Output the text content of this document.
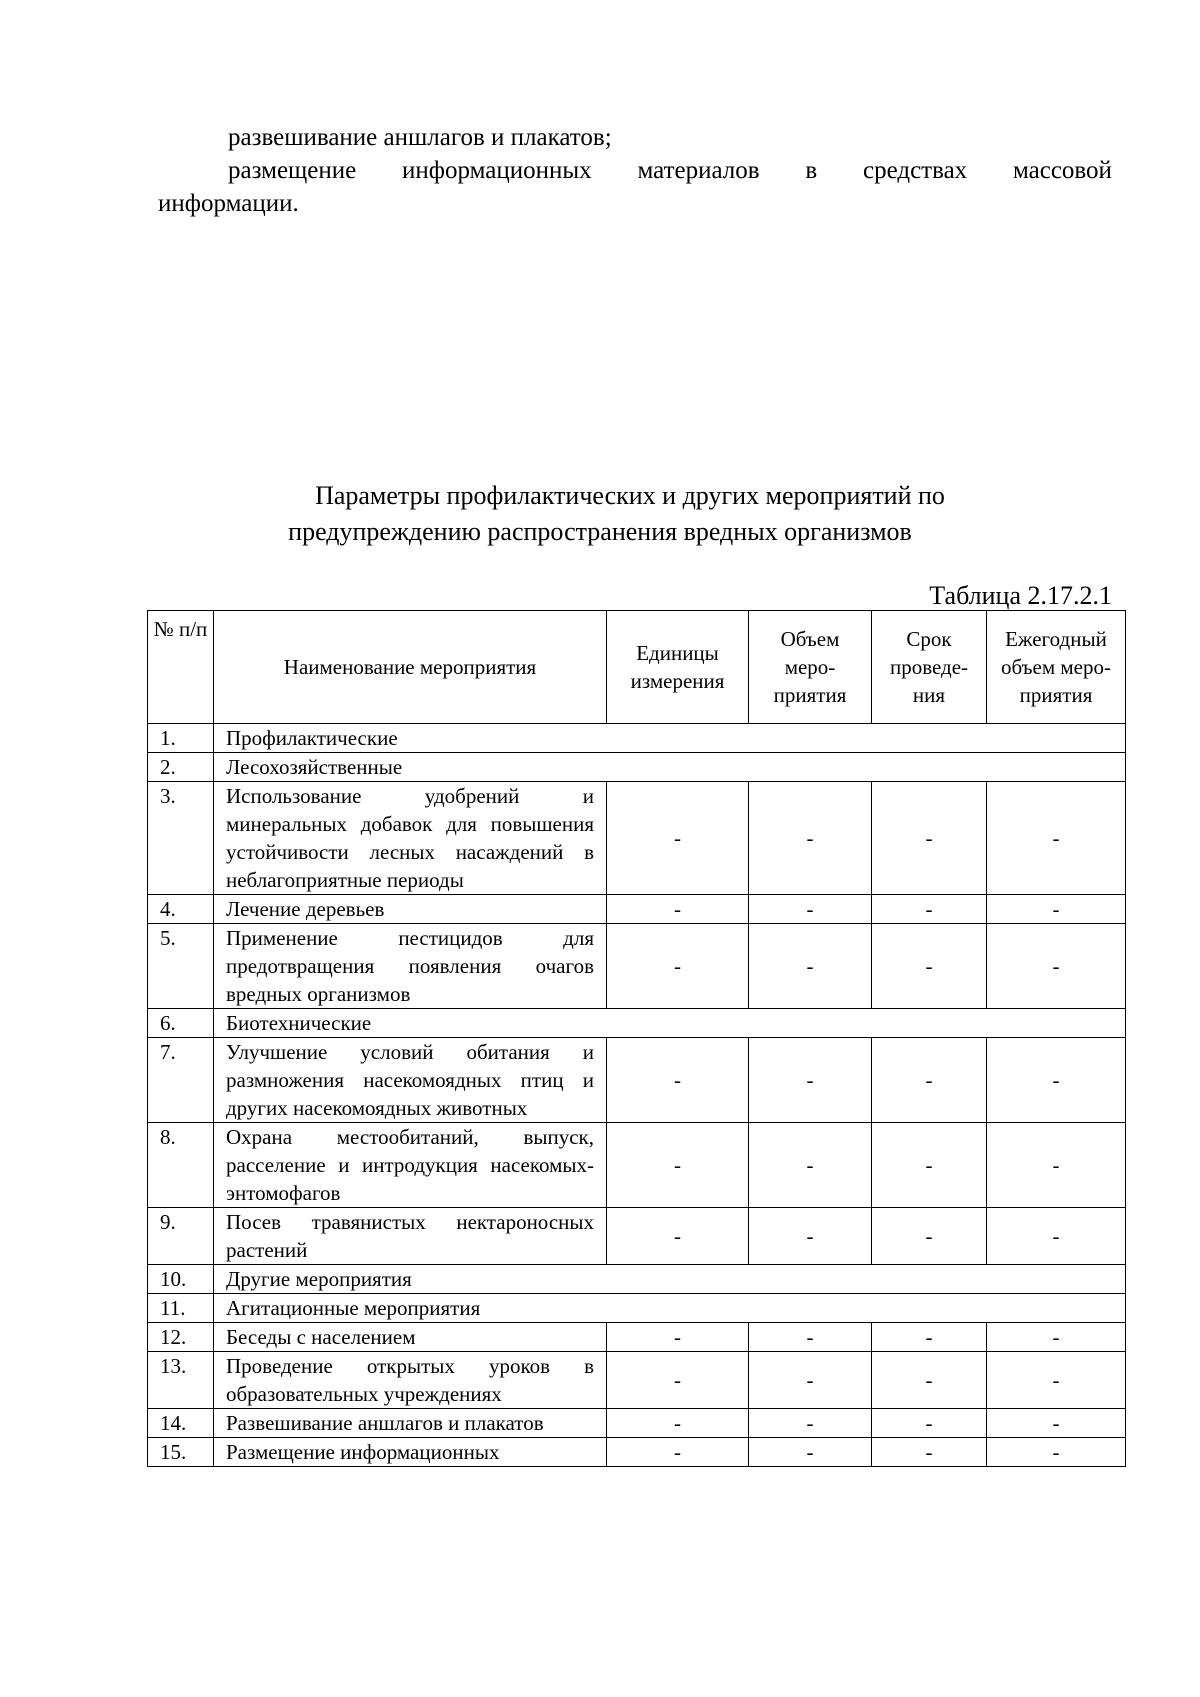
развешивание аншлагов и плакатов;
размещение информационных материалов в средствах массовой
информации.
Параметры профилактических и других мероприятий по
предупреждению распространения вредных организмов
Таблица 2.17.2.1
№ п/п	Наименование мероприятия	Единицы измерения	Объем меро-приятия	Срок проведе-ния	Ежегодный объем меро-приятия
1.	Профилактические				
2.	Лесохозяйственные				
3.	Использование удобрений и минеральных добавок для повышения устойчивости лесных насаждений в неблагоприятные периоды	-	-	-	-
4.	Лечение деревьев	-	-	-	-
5.	Применение пестицидов для предотвращения появления очагов вредных организмов	-	-	-	-
6.	Биотехнические				
7.	Улучшение условий обитания и размножения насекомоядных птиц и других насекомоядных животных	-	-	-	-
8.	Охрана местообитаний, выпуск, расселение и интродукция насекомых-энтомофагов	-	-	-	-
9.	Посев травянистых нектароносных растений	-	-	-	-
10.	Другие мероприятия				
11.	Агитационные мероприятия				
12.	Беседы с населением	-	-	-	-
13.	Проведение открытых уроков в образовательных учреждениях	-	-	-	-
14.	Развешивание аншлагов и плакатов	-	-	-	-
15.	Размещение информационных	-	-	-	-
